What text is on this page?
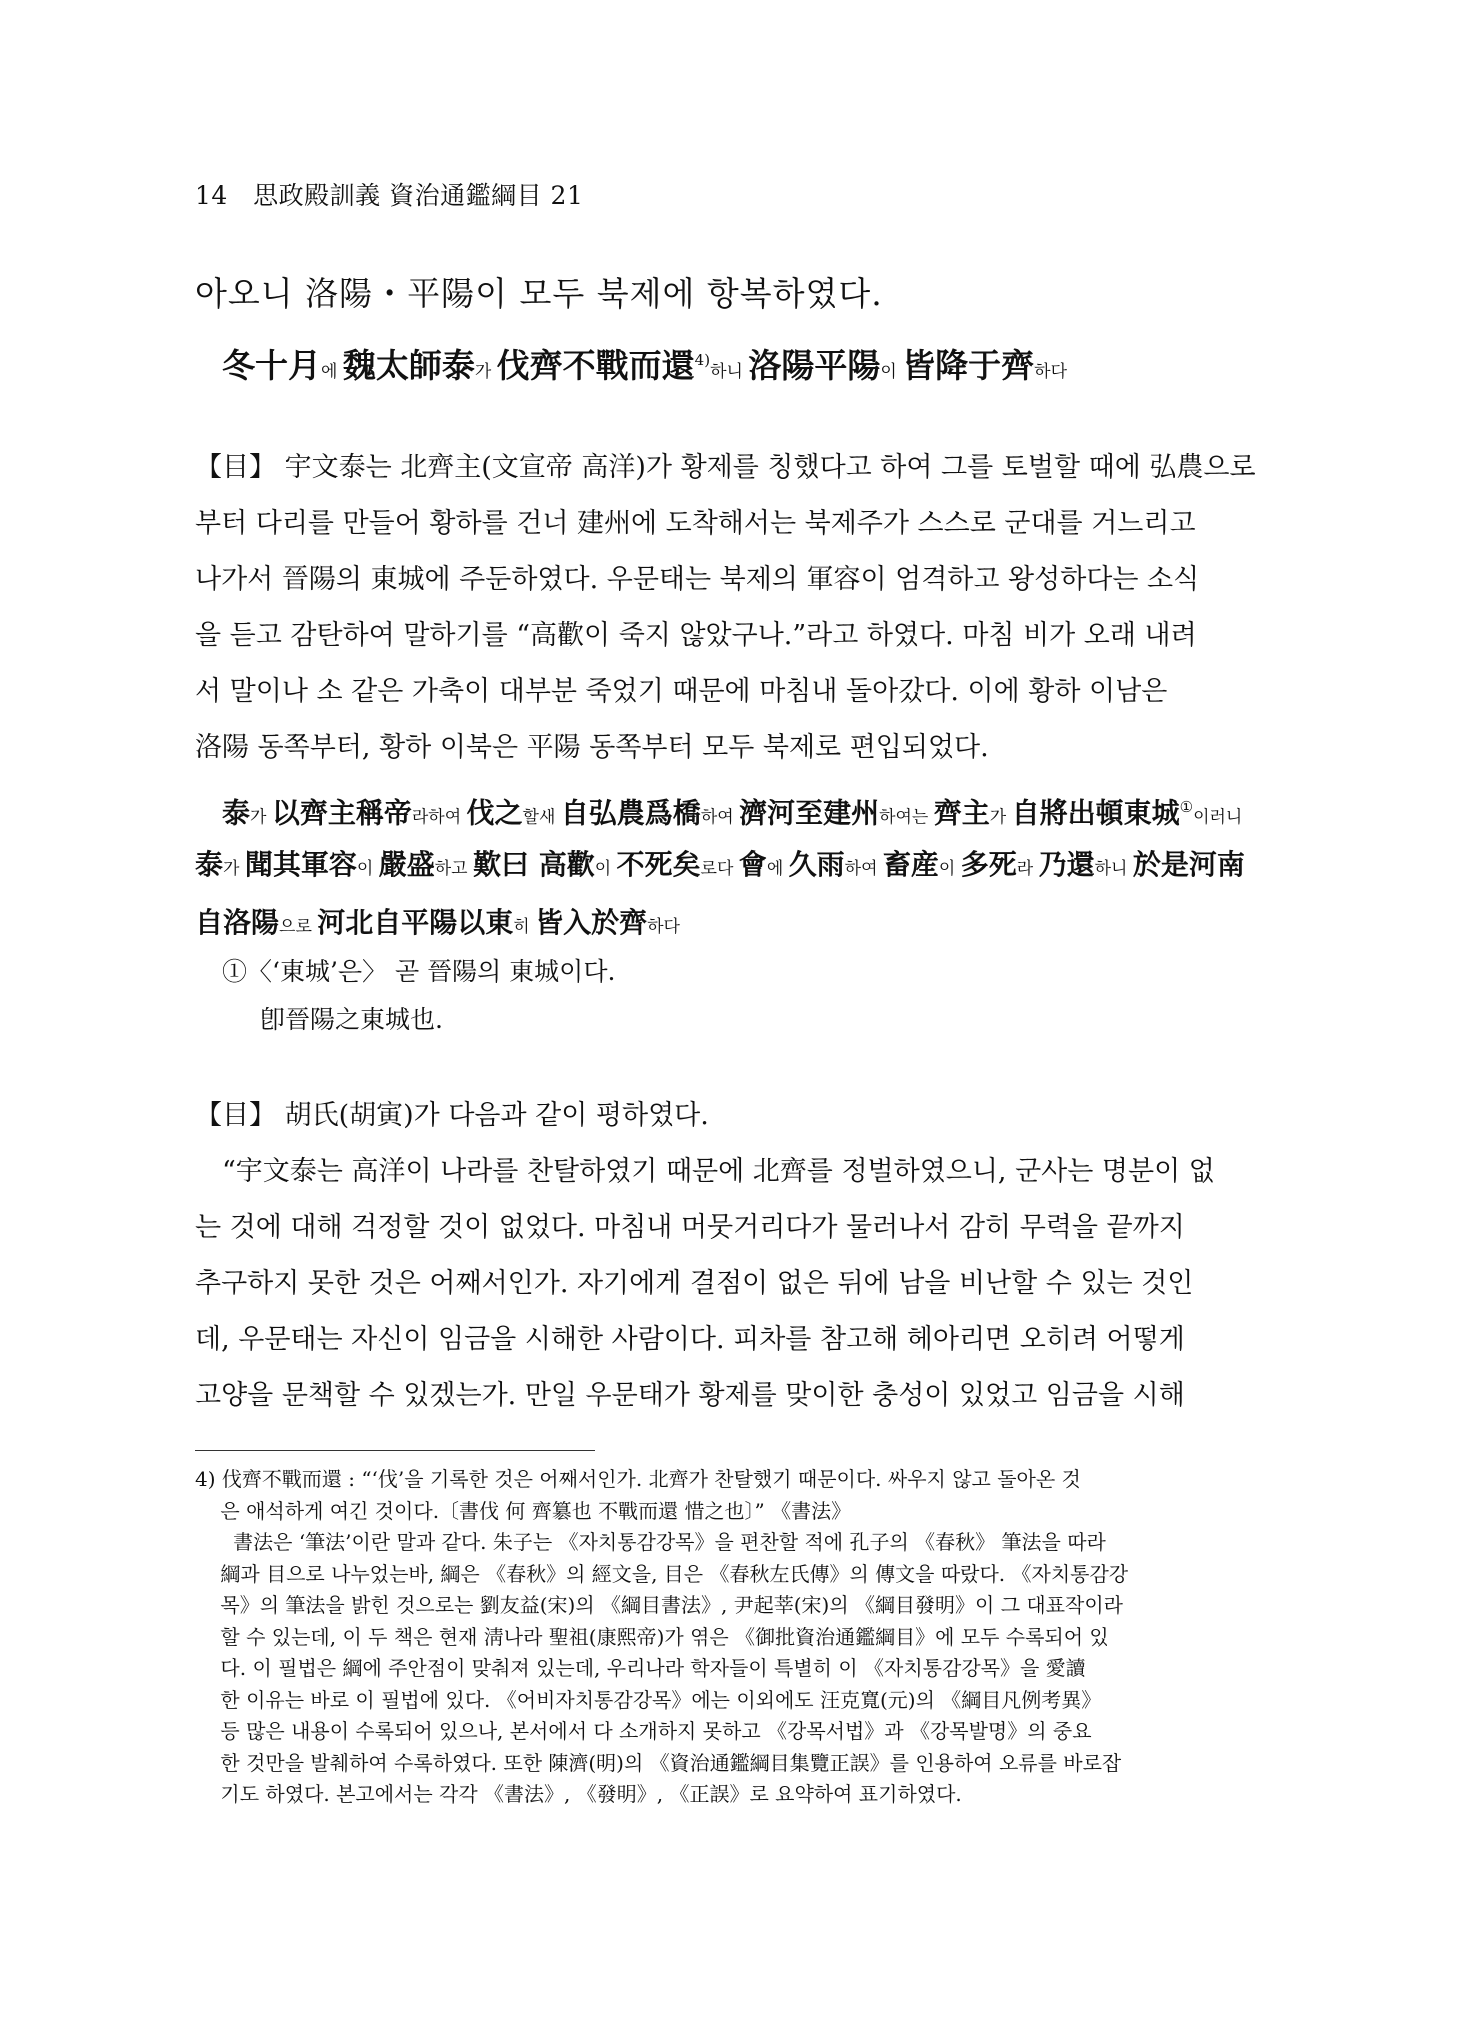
14 思政殿訓義 資治通鑑綱目 21
아오니 洛陽・平陽이 모두 북제에 항복하였다.
冬十月에 魏太師泰가 伐齊不戰而還$^{4)}$하니 洛陽平陽이 皆降于齊하다
【目】 宇文泰는 北齊主(文宣帝 高洋)가 황제를 칭했다고 하여 그를 토벌할 때에 弘農으로
부터 다리를 만들어 황하를 건너 建州에 도착해서는 북제주가 스스로 군대를 거느리고
나가서 晉陽의 東城에 주둔하였다. 우문태는 북제의 軍容이 엄격하고 왕성하다는 소식
을 듣고 감탄하여 말하기를 “高歡이 죽지 않았구나.”라고 하였다. 마침 비가 오래 내려
서 말이나 소 같은 가축이 대부분 죽었기 때문에 마침내 돌아갔다. 이에 황하 이남은
洛陽 동쪽부터, 황하 이북은 平陽 동쪽부터 모두 북제로 편입되었다.
泰가 以齊主稱帝라하여 伐之할새 自弘農爲橋하여 濟河至建州하여는 齊主가 自將出頓東城①이러니
泰가 聞其軍容이 嚴盛하고 歎曰 高歡이 不死矣로다 會에 久雨하여 畜産이 多死라 乃還하니 於是河南
自洛陽으로 河北自平陽以東히 皆入於齊하다
①〈‘東城’은〉 곧 晉陽의 東城이다.
卽晉陽之東城也.
【目】 胡氏(胡寅)가 다음과 같이 평하였다.
“宇文泰는 高洋이 나라를 찬탈하였기 때문에 北齊를 정벌하였으니, 군사는 명분이 없
는 것에 대해 걱정할 것이 없었다. 마침내 머뭇거리다가 물러나서 감히 무력을 끝까지
추구하지 못한 것은 어째서인가. 자기에게 결점이 없은 뒤에 남을 비난할 수 있는 것인
데, 우문태는 자신이 임금을 시해한 사람이다. 피차를 참고해 헤아리면 오히려 어떻게
고양을 문책할 수 있겠는가. 만일 우문태가 황제를 맞이한 충성이 있었고 임금을 시해
4) 伐齊不戰而還 : “‘伐’을 기록한 것은 어째서인가. 北齊가 찬탈했기 때문이다. 싸우지 않고 돌아온 것
은 애석하게 여긴 것이다.〔書伐 何 齊簒也 不戰而還 惜之也〕” 《書法》
書法은 ‘筆法’이란 말과 같다. 朱子는 《자치통감강목》을 편찬할 적에 孔子의 《春秋》 筆法을 따라
綱과 目으로 나누었는바, 綱은 《春秋》의 經文을, 目은 《春秋左氏傳》의 傳文을 따랐다. 《자치통감강
목》의 筆法을 밝힌 것으로는 劉友益(宋)의 《綱目書法》, 尹起莘(宋)의 《綱目發明》이 그 대표작이라
할 수 있는데, 이 두 책은 현재 淸나라 聖祖(康熙帝)가 엮은 《御批資治通鑑綱目》에 모두 수록되어 있
다. 이 필법은 綱에 주안점이 맞춰져 있는데, 우리나라 학자들이 특별히 이 《자치통감강목》을 愛讀
한 이유는 바로 이 필법에 있다. 《어비자치통감강목》에는 이외에도 汪克寬(元)의 《綱目凡例考異》
등 많은 내용이 수록되어 있으나, 본서에서 다 소개하지 못하고 《강목서법》과 《강목발명》의 중요
한 것만을 발췌하여 수록하였다. 또한 陳濟(明)의 《資治通鑑綱目集覽正誤》를 인용하여 오류를 바로잡
기도 하였다. 본고에서는 각각 《書法》, 《發明》, 《正誤》로 요약하여 표기하였다.
